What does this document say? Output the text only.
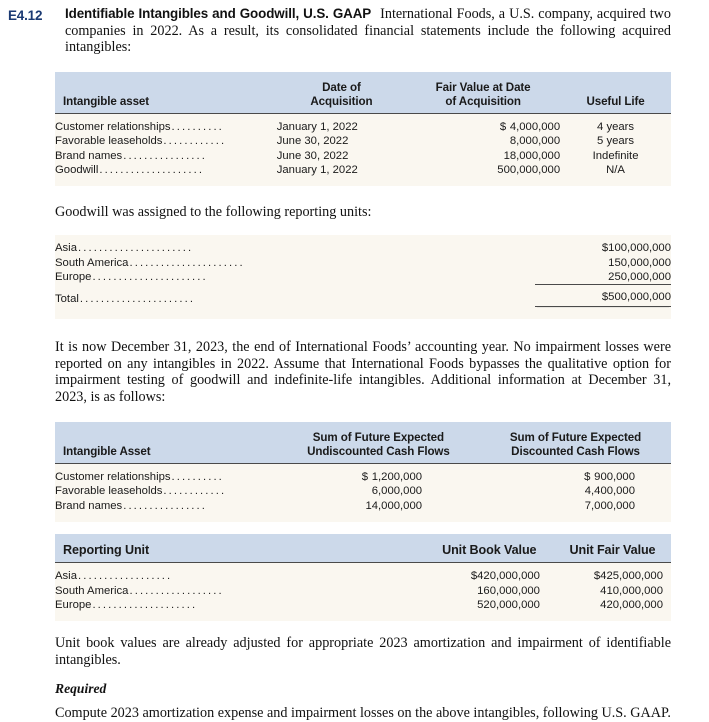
E4.12 Identifiable Intangibles and Goodwill, U.S. GAAP International Foods, a U.S. company, acquired two companies in 2022. As a result, its consolidated financial statements include the following acquired intangibles:

	Date of	Fair Value at Date	

Intangible asset	Acquisition	of Acquisition	Useful Life

Customer relationships ..........	January 1, 2022	$ 4,000,000	4 years

Favorable leaseholds ............	June 30, 2022	8,000,000	5 years

Brand names ................	June 30, 2022	18,000,000	Indefinite

Goodwill ....................	January 1, 2022	500,000,000	N/A

Goodwill was assigned to the following reporting units:

Asia ......................	$100,000,000

South America ......................	150,000,000

Europe ......................	250,000,000

Total ......................	$500,000,000

It is now December 31, 2023, the end of International Foods’ accounting year. No impairment losses were reported on any intangibles in 2022. Assume that International Foods bypasses the qualitative option for impairment testing of goodwill and indefinite-life intangibles. Additional information at December 31, 2023, is as follows:

	Sum of Future Expected	Sum of Future Expected

Intangible Asset	Undiscounted Cash Flows	Discounted Cash Flows

Customer relationships ..........	$ 1,200,000	$ 900,000

Favorable leaseholds ............	6,000,000	4,400,000

Brand names ................	14,000,000	7,000,000

Reporting Unit	Unit Book Value	Unit Fair Value

Asia ..................	$420,000,000	$425,000,000

South America ..................	160,000,000	410,000,000

Europe ....................	520,000,000	420,000,000

Unit book values are already adjusted for appropriate 2023 amortization and impairment of identifiable intangibles.
Required
Compute 2023 amortization expense and impairment losses on the above intangibles, following U.S. GAAP.
